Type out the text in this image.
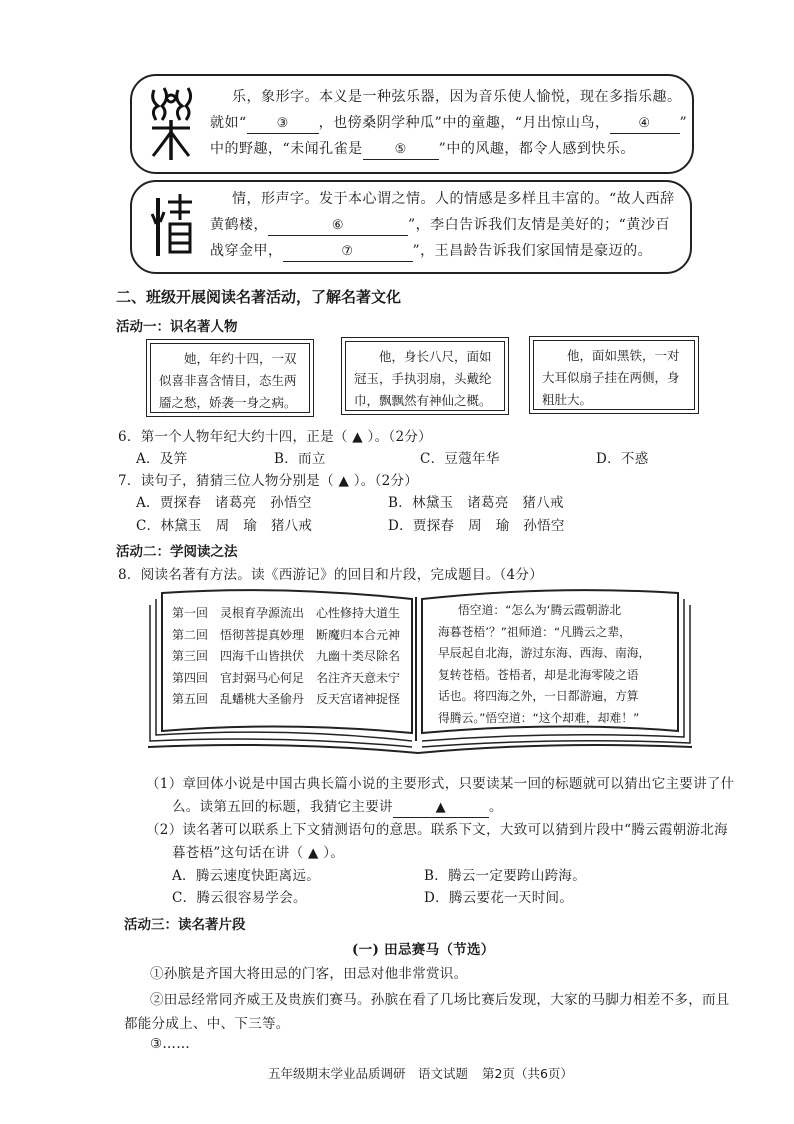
乐，象形字。本义是一种弦乐器，因为音乐使人愉悦，现在多指乐趣。
就如“ ③ ，也傍桑阴学种瓜”中的童趣，“月出惊山鸟， ④ ”
中的野趣，“未闻孔雀是 ⑤ ”中的风趣，都令人感到快乐。
情，形声字。发于本心谓之情。人的情感是多样且丰富的。“故人西辞
黄鹤楼，	⑥	”，李白告诉我们友情是美好的；“黄沙百
战穿金甲，	⑦	”，王昌龄告诉我们家国情是豪迈的。
二、班级开展阅读名著活动，了解名著文化
活动一：识名著人物
她，年约十四，一双似喜非喜含情目，态生两靥之愁，娇袭一身之病。
他，身长八尺，面如冠玉，手执羽扇，头戴纶巾，飘飘然有神仙之概。
他，面如黑铁，一对大耳似扇子挂在两侧，身粗肚大。
6．第一个人物年纪大约十四，正是（ ▲ ）。（2分）
A．及笄	B．而立	C．豆蔻年华	D．不惑
7．读句子，猜猜三位人物分别是（ ▲ ）。（2分）
A．贾探春　诸葛亮　孙悟空	B．林黛玉　诸葛亮　猪八戒
C．林黛玉　周　瑜　猪八戒	D．贾探春　周　瑜　孙悟空
活动二：学阅读之法
8．阅读名著有方法。读《西游记》的回目和片段，完成题目。（4分）
第一回　灵根育孕源流出　心性修持大道生
第二回　悟彻菩提真妙理　断魔归本合元神
第三回　四海千山皆拱伏　九幽十类尽除名
第四回　官封弼马心何足　名注齐天意未宁
第五回　乱蟠桃大圣偷丹　反天宫诸神捉怪
悟空道：“怎么为‘腾云霞朝游北
海暮苍梧’？”祖师道：“凡腾云之辈，
早辰起自北海，游过东海、西海、南海，
复转苍梧。苍梧者，却是北海零陵之语
话也。将四海之外，一日都游遍，方算
得腾云。”悟空道：“这个却难，却难！”
（1）章回体小说是中国古典长篇小说的主要形式，只要读某一回的标题就可以猜出它主要讲了什
么。读第五回的标题，我猜它主要讲	▲	。
（2）读名著可以联系上下文猜测语句的意思。联系下文，大致可以猜到片段中“腾云霞朝游北海
暮苍梧”这句话在讲（ ▲ ）。
A．腾云速度快距离远。	B．腾云一定要跨山跨海。
C．腾云很容易学会。	D．腾云要花一天时间。
活动三：读名著片段
(一) 田忌赛马（节选）
①孙膑是齐国大将田忌的门客，田忌对他非常赏识。
②田忌经常同齐威王及贵族们赛马。孙膑在看了几场比赛后发现，大家的马脚力相差不多，而且
都能分成上、中、下三等。
③……
五年级期末学业品质调研　语文试题 第2页（共6页）
